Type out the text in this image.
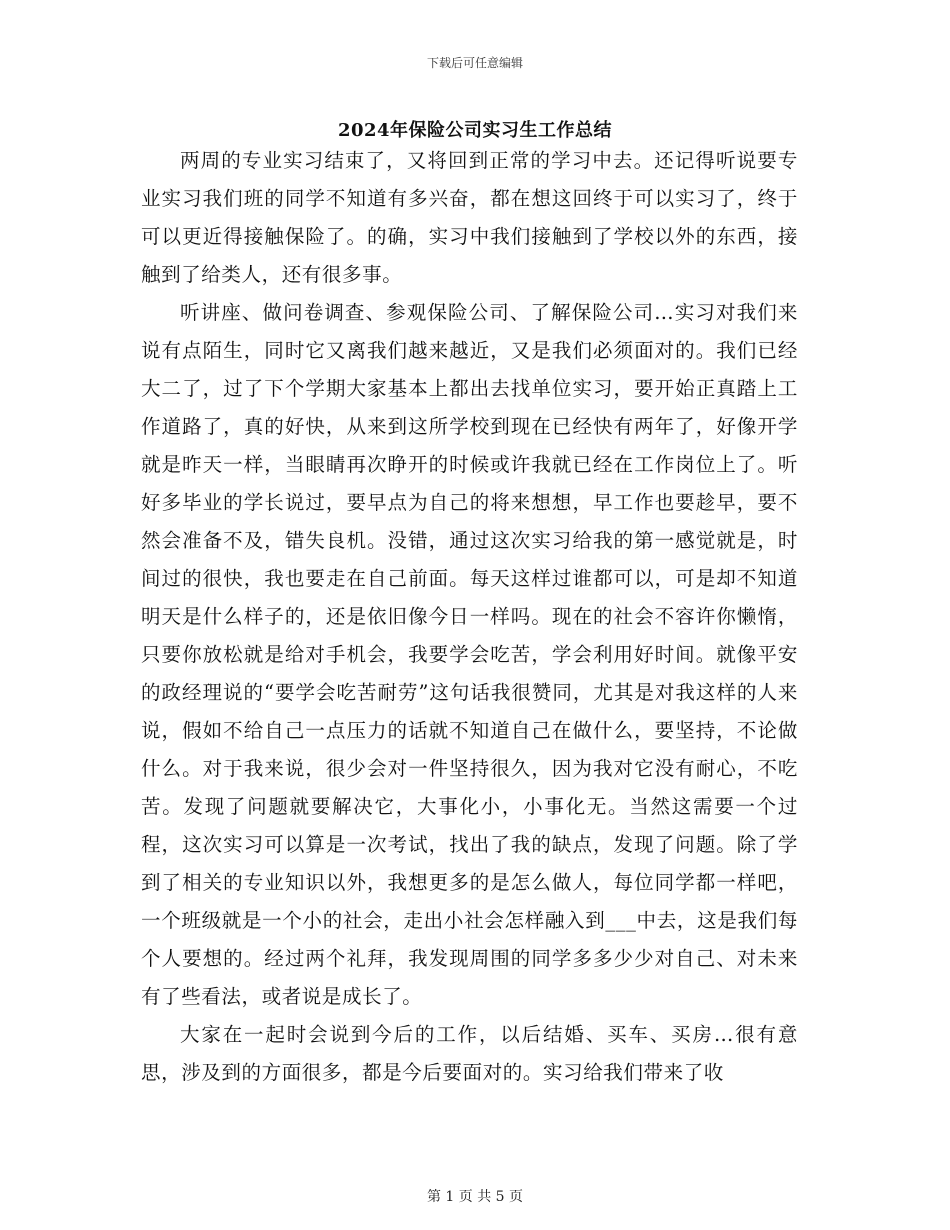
下载后可任意编辑
2024年保险公司实习生工作总结

两周的专业实习结束了，又将回到正常的学习中去。还记得听说要专业实习我们班的同学不知道有多兴奋，都在想这回终于可以实习了，终于可以更近得接触保险了。的确，实习中我们接触到了学校以外的东西，接触到了给类人，还有很多事。

听讲座、做问卷调查、参观保险公司、了解保险公司…实习对我们来说有点陌生，同时它又离我们越来越近，又是我们必须面对的。我们已经大二了，过了下个学期大家基本上都出去找单位实习，要开始正真踏上工作道路了，真的好快，从来到这所学校到现在已经快有两年了，好像开学就是昨天一样，当眼睛再次睁开的时候或许我就已经在工作岗位上了。听好多毕业的学长说过，要早点为自己的将来想想，早工作也要趁早，要不然会准备不及，错失良机。没错，通过这次实习给我的第一感觉就是，时间过的很快，我也要走在自己前面。每天这样过谁都可以，可是却不知道明天是什么样子的，还是依旧像今日一样吗。现在的社会不容许你懒惰，只要你放松就是给对手机会，我要学会吃苦，学会利用好时间。就像平安的政经理说的“要学会吃苦耐劳”这句话我很赞同，尤其是对我这样的人来说，假如不给自己一点压力的话就不知道自己在做什么，要坚持，不论做什么。对于我来说，很少会对一件坚持很久，因为我对它没有耐心，不吃苦。发现了问题就要解决它，大事化小，小事化无。当然这需要一个过程，这次实习可以算是一次考试，找出了我的缺点，发现了问题。除了学到了相关的专业知识以外，我想更多的是怎么做人，每位同学都一样吧，一个班级就是一个小的社会，走出小社会怎样融入到___中去，这是我们每个人要想的。经过两个礼拜，我发现周围的同学多多少少对自己、对未来有了些看法，或者说是成长了。

大家在一起时会说到今后的工作，以后结婚、买车、买房…很有意思，涉及到的方面很多，都是今后要面对的。实习给我们带来了收

第 1 页 共 5 页
